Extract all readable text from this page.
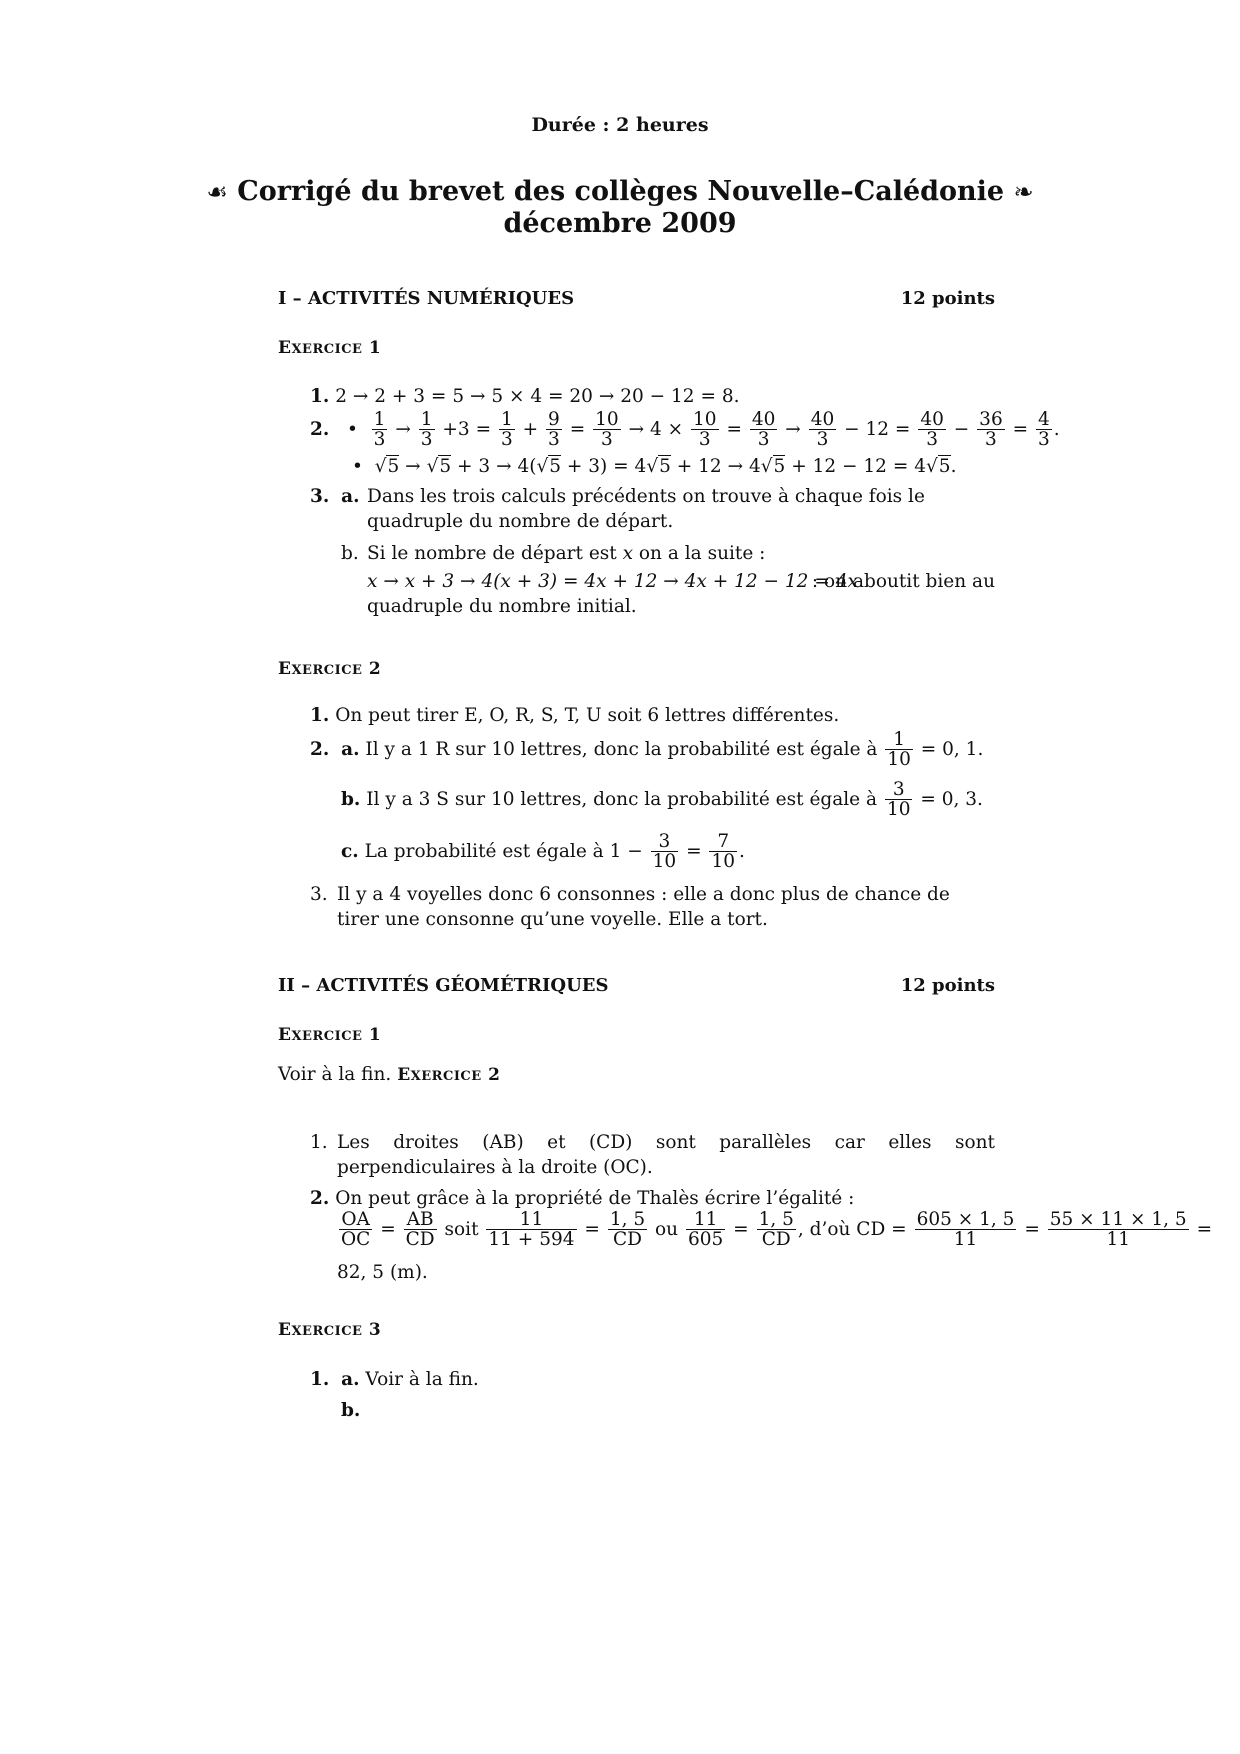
Durée : 2 heures
☙ Corrigé du brevet des collèges Nouvelle–Calédonie ❧
décembre 2009
I – ACTIVITÉS NUMÉRIQUES	12 points
EXERCICE 1
1. 2 → 2 + 3 = 5 → 5 × 4 = 20 → 20 − 12 = 8.
2. • $\frac{1}{3} \to \frac{1}{3} +3 = \frac{1}{3} + \frac{9}{3} = \frac{10}{3} \to 4 \times \frac{10}{3} = \frac{40}{3} \to \frac{40}{3} - 12 = \frac{40}{3} - \frac{36}{3} = \frac{4}{3}$ .
• √5 → √5 + 3 → 4(√5 + 3) = 4√5 + 12 → 4√5 + 12 − 12 = 4√5.
3. a. Dans les trois calculs précédents on trouve à chaque fois le quadruple du nombre de départ.
b. Si le nombre de départ est x on a la suite :
x → x + 3 → 4(x + 3) = 4x + 12 → 4x + 12 − 12 = 4x
: on aboutit bien au
quadruple du nombre initial.
EXERCICE 2
1. On peut tirer E, O, R, S, T, U soit 6 lettres différentes.
2. a. Il y a 1 R sur 10 lettres, donc la probabilité est égale à $\frac{1}{10} = 0$, 1.
b. Il y a 3 S sur 10 lettres, donc la probabilité est égale à $\frac{3}{10} = 0$, 3.
c. La probabilité est égale à $1 - \frac{3}{10} = \frac{7}{10}$ .
3. Il y a 4 voyelles donc 6 consonnes : elle a donc plus de chance de tirer une consonne qu’une voyelle. Elle a tort.
II – ACTIVITÉS GÉOMÉTRIQUES	12 points
EXERCICE 1
Voir à la fin. EXERCICE 2
1. Les droites (AB) et (CD) sont parallèles car elles sont perpendiculaires à la droite (OC).
2. On peut grâce à la propriété de Thalès écrire l’égalité :
$\frac{OA}{OC} = \frac{AB}{CD}$ soit $\frac{11}{11 + 594} = \frac{1, 5}{CD}$ ou $\frac{11}{605} = \frac{1, 5}{CD}$ , d’où CD = $\frac{605 \times 1, 5}{11} = \frac{55 \times 11 \times 1, 5}{11}$ =
82, 5 (m).
EXERCICE 3
1. a. Voir à la fin.
b.
